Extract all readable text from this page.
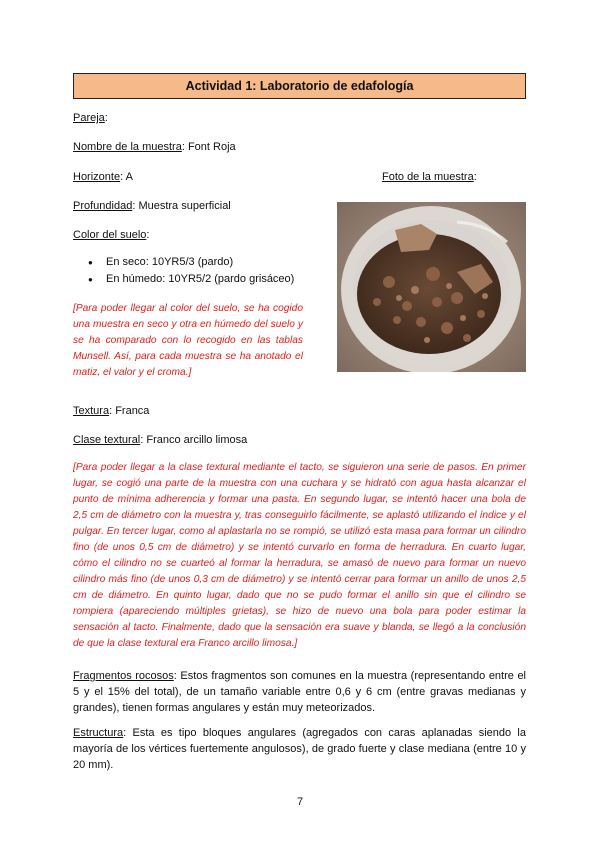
Actividad 1: Laboratorio de edafología
Pareja:
Nombre de la muestra: Font Roja
Horizonte: A	Foto de la muestra:
Profundidad: Muestra superficial
Color del suelo:
● En seco: 10YR5/3 (pardo)
● En húmedo: 10YR5/2 (pardo grisáceo)
[Para poder llegar al color del suelo, se ha cogido una muestra en seco y otra en húmedo del suelo y se ha comparado con lo recogido en las tablas Munsell. Así, para cada muestra se ha anotado el matiz, el valor y el croma.]
Textura: Franca
Clase textural: Franco arcillo limosa
[Para poder llegar a la clase textural mediante el tacto, se siguieron una serie de pasos. En primer lugar, se cogió una parte de la muestra con una cuchara y se hidrató con agua hasta alcanzar el punto de mínima adherencia y formar una pasta. En segundo lugar, se intentó hacer una bola de 2,5 cm de diámetro con la muestra y, tras conseguirlo fácilmente, se aplastó utilizando el índice y el pulgar. En tercer lugar, como al aplastarla no se rompió, se utilizó esta masa para formar un cilindro fino (de unos 0,5 cm de diámetro) y se intentó curvarlo en forma de herradura. En cuarto lugar, cómo el cilindro no se cuarteó al formar la herradura, se amasó de nuevo para formar un nuevo cilindro más fino (de unos 0,3 cm de diámetro) y se intentó cerrar para formar un anillo de unos 2,5 cm de diámetro. En quinto lugar, dado que no se pudo formar el anillo sin que el cilindro se rompiera (apareciendo múltiples grietas), se hizo de nuevo una bola para poder estimar la sensación al tacto. Finalmente, dado que la sensación era suave y blanda, se llegó a la conclusión de que la clase textural era Franco arcillo limosa.]
Fragmentos rocosos: Estos fragmentos son comunes en la muestra (representando entre el 5 y el 15% del total), de un tamaño variable entre 0,6 y 6 cm (entre gravas medianas y grandes), tienen formas angulares y están muy meteorizados.
Estructura: Esta es tipo bloques angulares (agregados con caras aplanadas siendo la mayoría de los vértices fuertemente angulosos), de grado fuerte y clase mediana (entre 10 y 20 mm).
7
